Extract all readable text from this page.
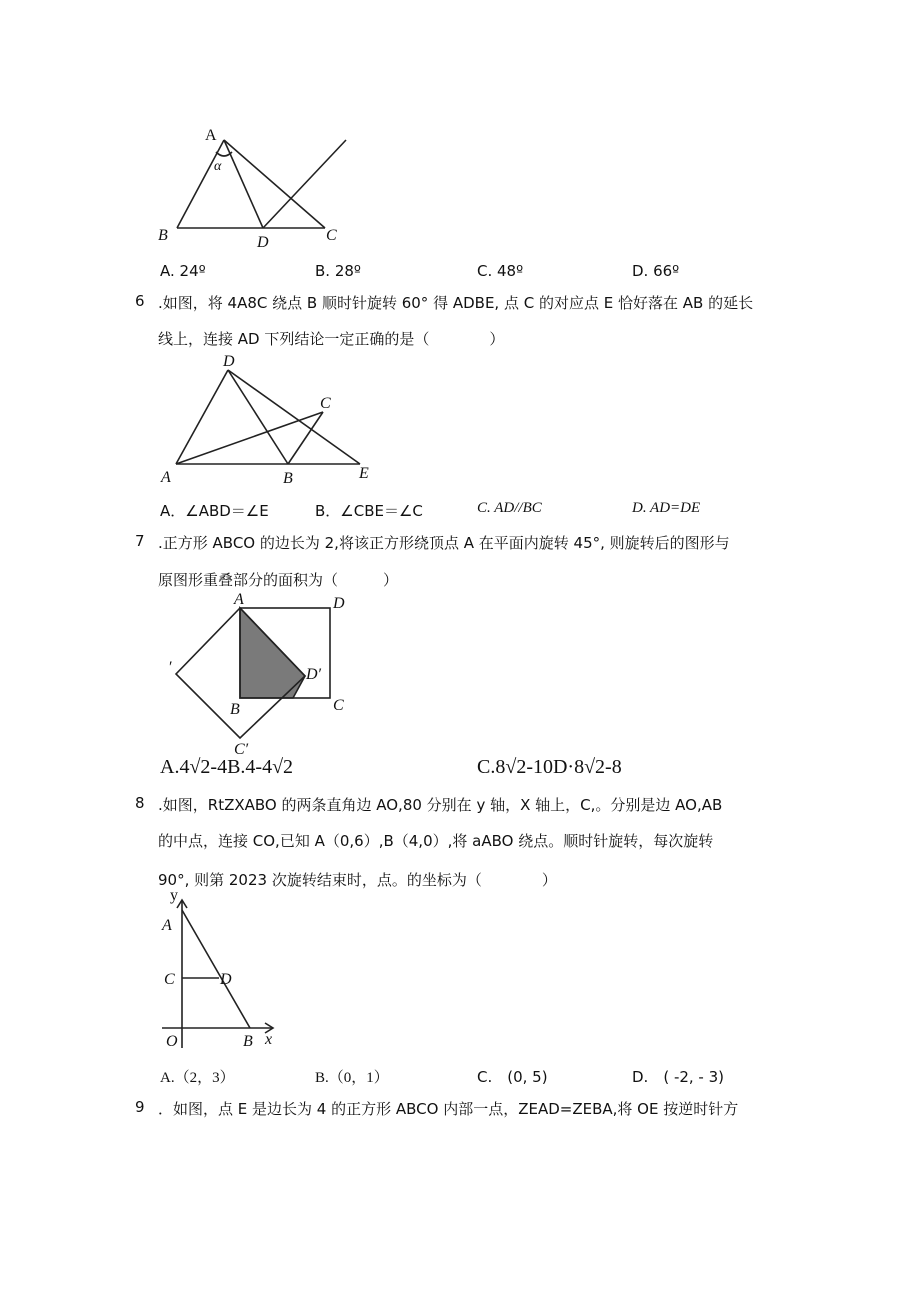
A
α
B	D	C
A. 24º	B. 28º	C. 48º	D. 66º
6 .如图，将 4A8C 绕点 B 顺时针旋转 60° 得 ADBE, 点 C 的对应点 E 恰好落在 AB 的延长
线上，连接 AD 下列结论一定正确的是（　　　　）
D
C
A	B	E
A．∠ABD＝∠E	B．∠CBE＝∠C	C. AD//BC	D. AD=DE
7 .正方形 ABCO 的边长为 2,将该正方形绕顶点 A 在平面内旋转 45°, 则旋转后的图形与
原图形重叠部分的面积为（　　　）
A	D
D′
B	C
C′
′
A.4√2-4B.4-4√2	C.8√2-10D·8√2-8
8 .如图，RtZXABO 的两条直角边 AO,80 分别在 y 轴，X 轴上，C,。分别是边 AO,AB
的中点，连接 CO,已知 A（0,6）,B（4,0）,将 aABO 绕点。顺时针旋转，每次旋转
90°, 则第 2023 次旋转结束时，点。的坐标为（　　　　）
y
A
C	D
O	B x
A.（2，3）	B.（0，1）	C.　(0, 5)	D.　( -2, - 3)
9 ．如图，点 E 是边长为 4 的正方形 ABCO 内部一点，ZEAD=ZEBA,将 OE 按逆时针方
